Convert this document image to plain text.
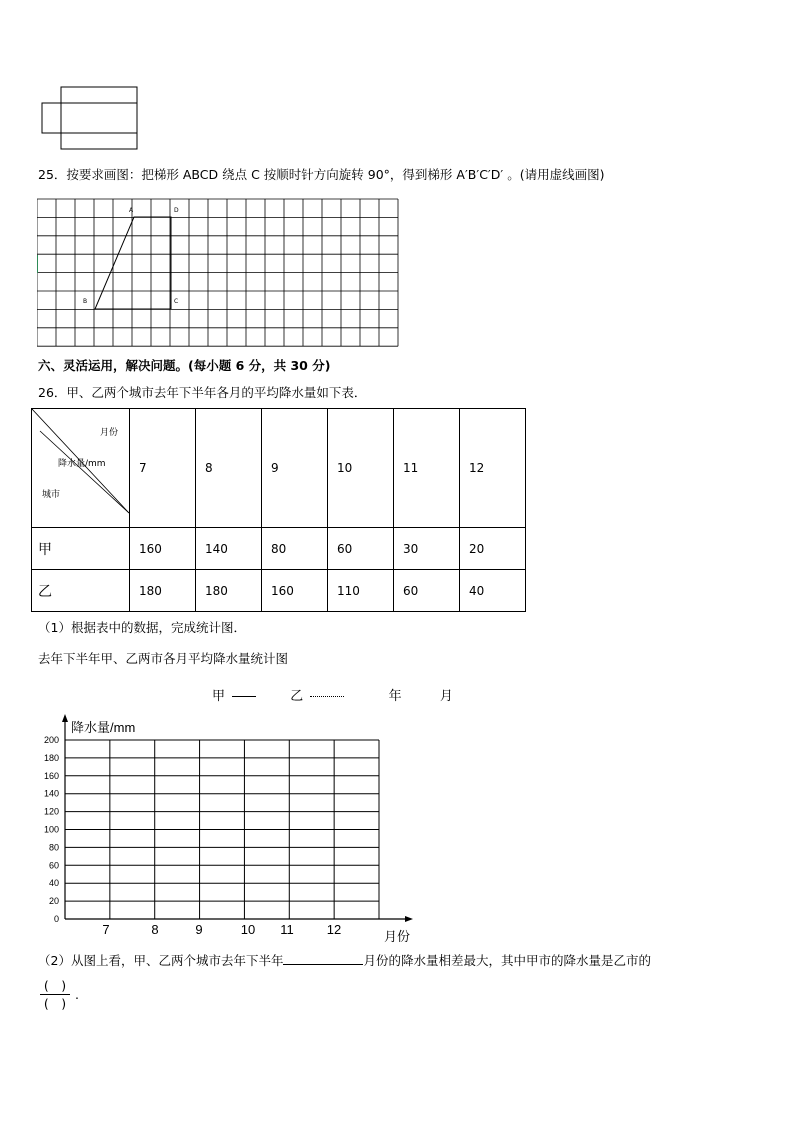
25．按要求画图：把梯形 ABCD 绕点 C 按顺时针方向旋转 90°，得到梯形 A′B′C′D′ 。(请用虚线画图)
A	D
B	C
六、灵活运用，解决问题。(每小题 6 分，共 30 分)
26．甲、乙两个城市去年下半年各月的平均降水量如下表．
月份
降水量/mm
城市	7	8	9	10	11	12
甲	160	140	80	60	30	20
乙	180	180	160	110	60	40
（1）根据表中的数据，完成统计图．
去年下半年甲、乙两市各月平均降水量统计图
甲	乙	年	月
0
20
40
60
80
100
120
140
160
180
200
7	8	9	10 11	12
降水量/mm
月份
（2）从图上看，甲、乙两个城市去年下半年	月份的降水量相差最大，其中甲市的降水量是乙市的
(　)
(　)
.
